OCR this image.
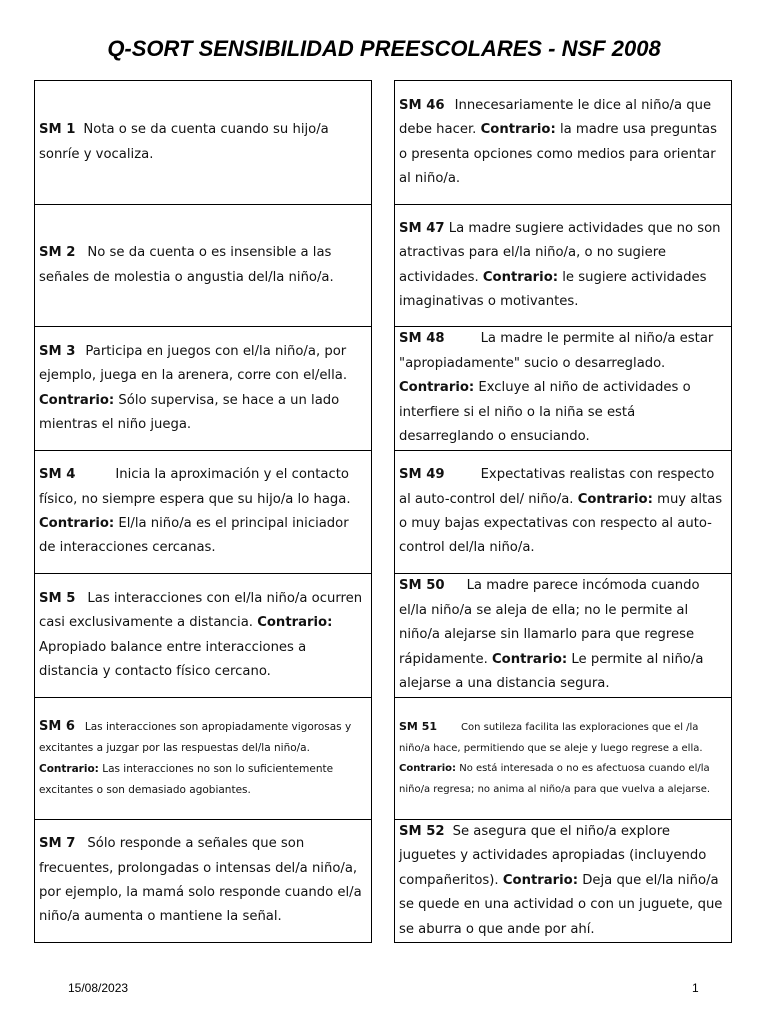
Q-SORT SENSIBILIDAD PREESCOLARES - NSF 2008
SM 1 Nota o se da cuenta cuando su hijo/a sonríe y vocaliza.
SM 2 No se da cuenta o es insensible a las señales de molestia o angustia del/la niño/a.
SM 3 Participa en juegos con el/la niño/a, por ejemplo, juega en la arenera, corre con el/ella. Contrario: Sólo supervisa, se hace a un lado mientras el niño juega.
SM 4	Inicia la aproximación y el contacto físico, no siempre espera que su hijo/a lo haga. Contrario: El/la niño/a es el principal iniciador de interacciones cercanas.
SM 5 Las interacciones con el/la niño/a ocurren casi exclusivamente a distancia. Contrario: Apropiado balance entre interacciones a distancia y contacto físico cercano.
SM 6 Las interacciones son apropiadamente vigorosas y excitantes a juzgar por las respuestas del/la niño/a. Contrario: Las interacciones no son lo suficientemente excitantes o son demasiado agobiantes.
SM 7 Sólo responde a señales que son frecuentes, prolongadas o intensas del/a niño/a, por ejemplo, la mamá solo responde cuando el/a niño/a aumenta o mantiene la señal.
SM 46 Innecesariamente le dice al niño/a que debe hacer. Contrario: la madre usa preguntas o presenta opciones como medios para orientar al niño/a.
SM 47 La madre sugiere actividades que no son atractivas para el/la niño/a, o no sugiere actividades. Contrario: le sugiere actividades imaginativas o motivantes.
SM 48	La madre le permite al niño/a estar "apropiadamente" sucio o desarreglado. Contrario: Excluye al niño de actividades o interfiere si el niño o la niña se está desarreglando o ensuciando.
SM 49	Expectativas realistas con respecto al auto-control del/ niño/a. Contrario: muy altas o muy bajas expectativas con respecto al auto-control del/la niño/a.
SM 50 La madre parece incómoda cuando el/la niño/a se aleja de ella; no le permite al niño/a alejarse sin llamarlo para que regrese rápidamente. Contrario: Le permite al niño/a alejarse a una distancia segura.
SM 51 Con sutileza facilita las exploraciones que el /la niño/a hace, permitiendo que se aleje y luego regrese a ella. Contrario: No está interesada o no es afectuosa cuando el/la niño/a regresa; no anima al niño/a para que vuelva a alejarse.
SM 52 Se asegura que el niño/a explore juguetes y actividades apropiadas (incluyendo compañeritos). Contrario: Deja que el/la niño/a se quede en una actividad o con un juguete, que se aburra o que ande por ahí.
15/08/2023	1
